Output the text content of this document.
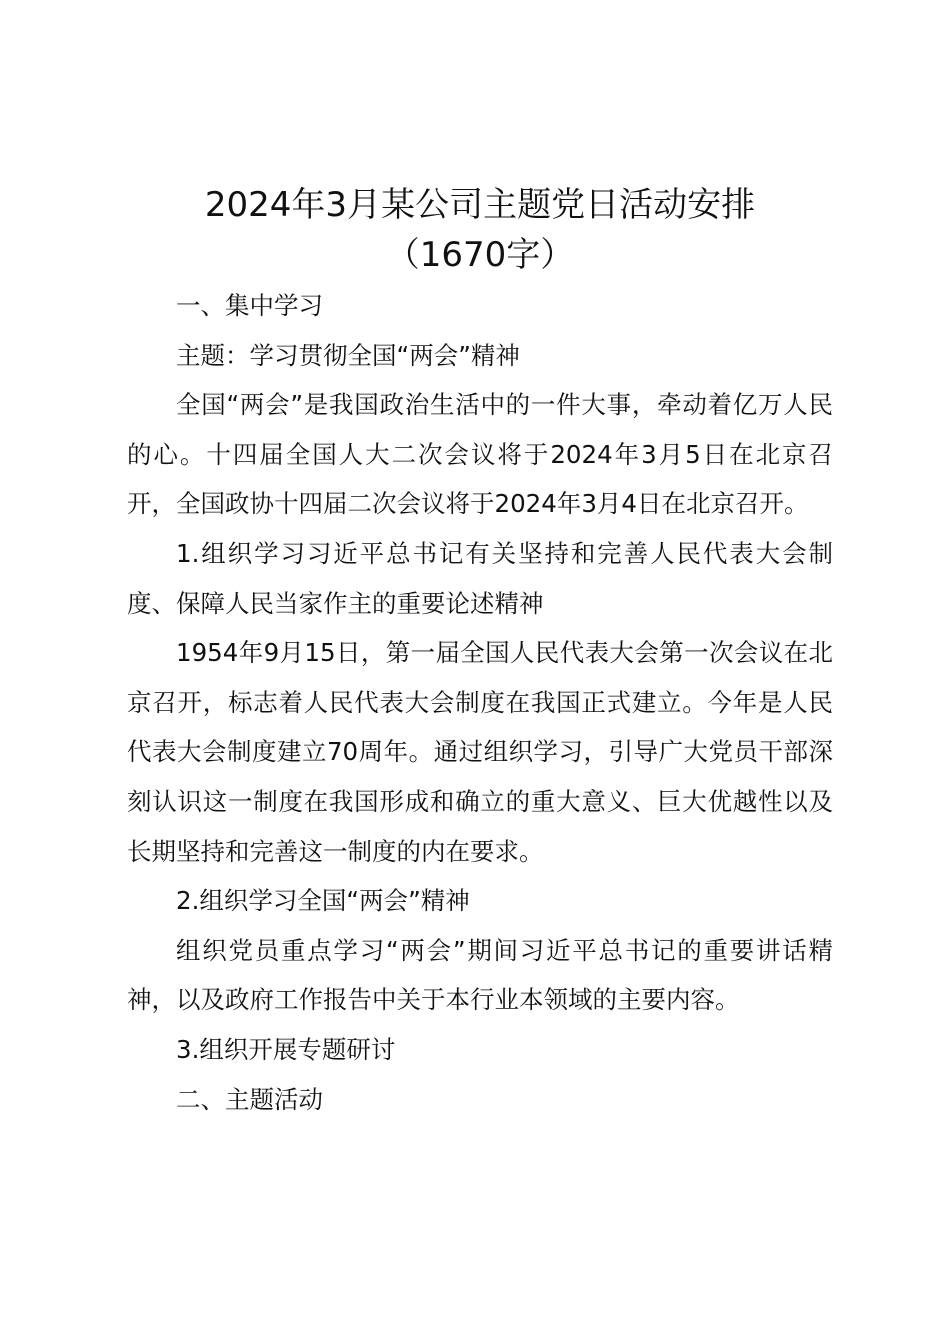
2024年3月某公司主题党日活动安排
（1670字）

一、集中学习

主题：学习贯彻全国“两会”精神

全国“两会”是我国政治生活中的一件大事，牵动着亿万人民的心。十四届全国人大二次会议将于2024年3月5日在北京召开，全国政协十四届二次会议将于2024年3月4日在北京召开。

1.组织学习习近平总书记有关坚持和完善人民代表大会制度、保障人民当家作主的重要论述精神

1954年9月15日，第一届全国人民代表大会第一次会议在北京召开，标志着人民代表大会制度在我国正式建立。今年是人民代表大会制度建立70周年。通过组织学习，引导广大党员干部深刻认识这一制度在我国形成和确立的重大意义、巨大优越性以及长期坚持和完善这一制度的内在要求。

2.组织学习全国“两会”精神

组织党员重点学习“两会”期间习近平总书记的重要讲话精神，以及政府工作报告中关于本行业本领域的主要内容。

3.组织开展专题研讨

二、主题活动
